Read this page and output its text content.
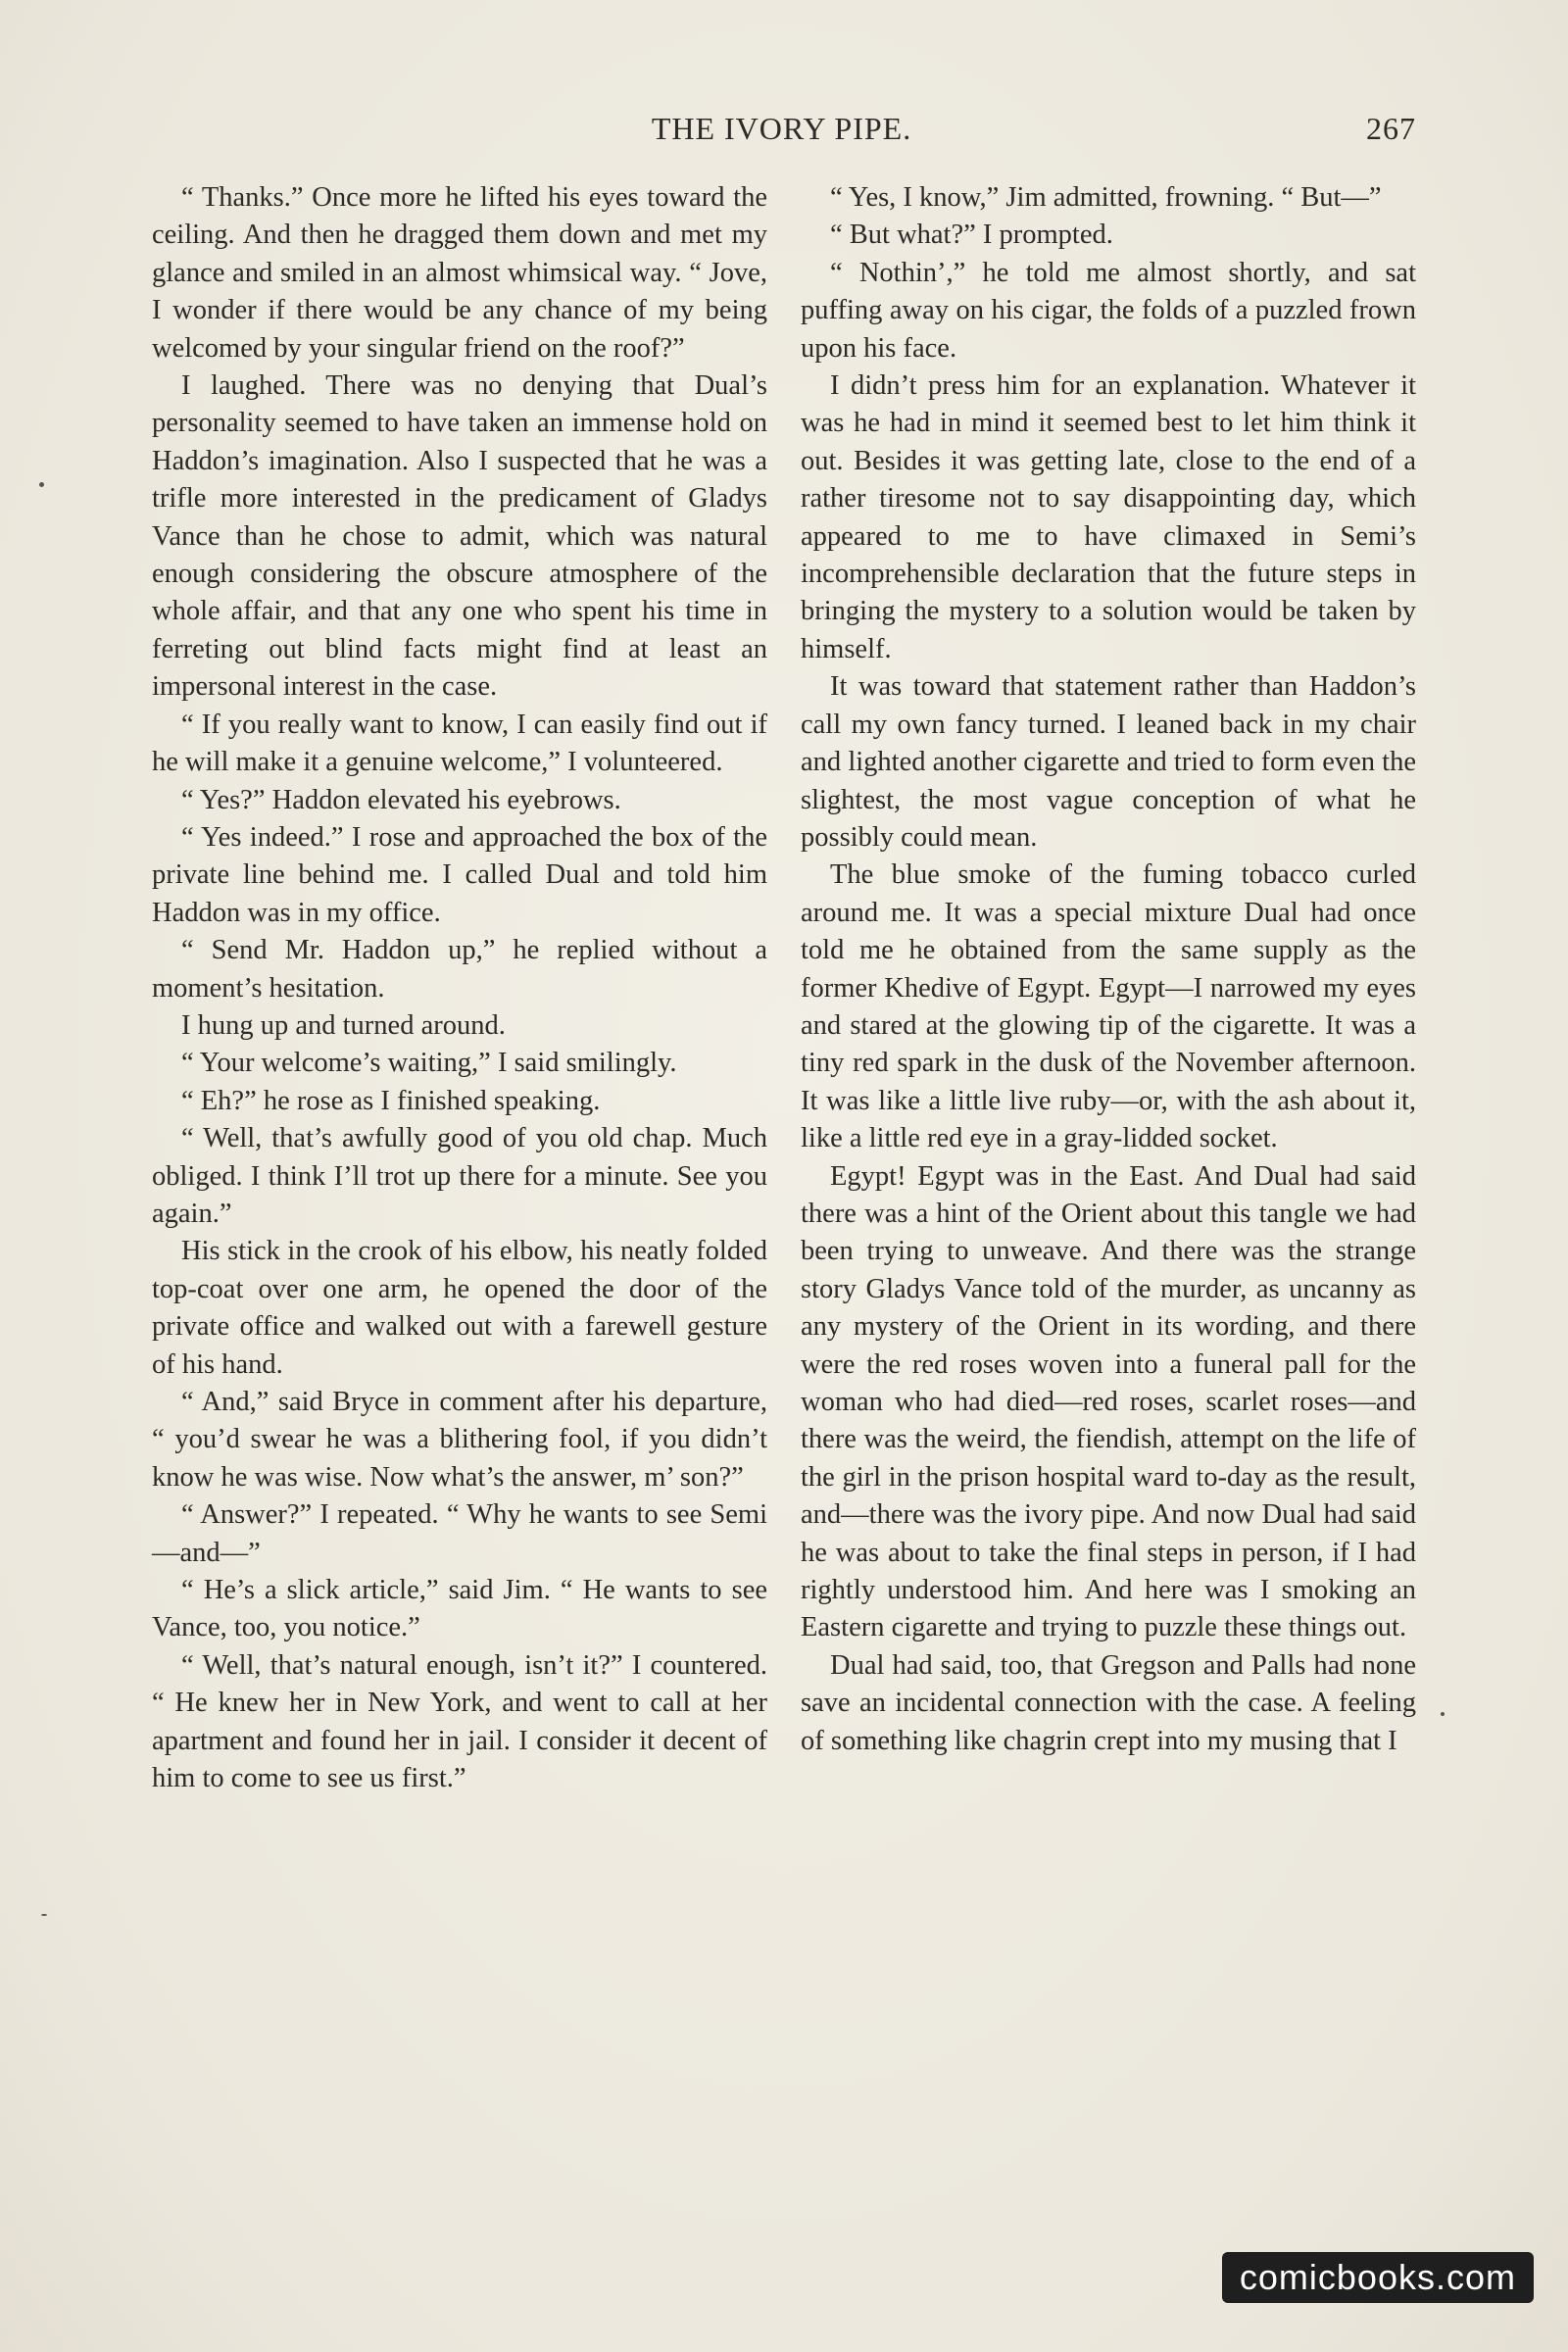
THE IVORY PIPE.	267

“ Thanks.” Once more he lifted his eyes toward the ceiling. And then he dragged them down and met my glance and smiled in an almost whimsical way. “ Jove, I wonder if there would be any chance of my being welcomed by your singular friend on the roof?”

I laughed. There was no denying that Dual’s personality seemed to have taken an immense hold on Haddon’s imagination. Also I suspected that he was a trifle more interested in the predicament of Gladys Vance than he chose to admit, which was natural enough considering the obscure atmosphere of the whole affair, and that any one who spent his time in ferreting out blind facts might find at least an impersonal interest in the case.

“ If you really want to know, I can easily find out if he will make it a genuine welcome,” I volunteered.

“ Yes?” Haddon elevated his eyebrows.

“ Yes indeed.” I rose and approached the box of the private line behind me. I called Dual and told him Haddon was in my office.

“ Send Mr. Haddon up,” he replied without a moment’s hesitation.

I hung up and turned around.

“ Your welcome’s waiting,” I said smilingly.

“ Eh?” he rose as I finished speaking.

“ Well, that’s awfully good of you old chap. Much obliged. I think I’ll trot up there for a minute. See you again.”

His stick in the crook of his elbow, his neatly folded top-coat over one arm, he opened the door of the private office and walked out with a farewell gesture of his hand.

“ And,” said Bryce in comment after his departure, “ you’d swear he was a blithering fool, if you didn’t know he was wise. Now what’s the answer, m’ son?”

“ Answer?” I repeated. “ Why he wants to see Semi—and—”

“ He’s a slick article,” said Jim. “ He wants to see Vance, too, you notice.”

“ Well, that’s natural enough, isn’t it?” I countered. “ He knew her in New York, and went to call at her apartment and found her in jail. I consider it decent of him to come to see us first.”

“ Yes, I know,” Jim admitted, frowning. “ But—”

“ But what?” I prompted.

“ Nothin’,” he told me almost shortly, and sat puffing away on his cigar, the folds of a puzzled frown upon his face.

I didn’t press him for an explanation. Whatever it was he had in mind it seemed best to let him think it out. Besides it was getting late, close to the end of a rather tiresome not to say disappointing day, which appeared to me to have climaxed in Semi’s incomprehensible declaration that the future steps in bringing the mystery to a solution would be taken by himself.

It was toward that statement rather than Haddon’s call my own fancy turned. I leaned back in my chair and lighted another cigarette and tried to form even the slightest, the most vague conception of what he possibly could mean.

The blue smoke of the fuming tobacco curled around me. It was a special mixture Dual had once told me he obtained from the same supply as the former Khedive of Egypt. Egypt—I narrowed my eyes and stared at the glowing tip of the cigarette. It was a tiny red spark in the dusk of the November afternoon. It was like a little live ruby—or, with the ash about it, like a little red eye in a gray-lidded socket.

Egypt! Egypt was in the East. And Dual had said there was a hint of the Orient about this tangle we had been trying to unweave. And there was the strange story Gladys Vance told of the murder, as uncanny as any mystery of the Orient in its wording, and there were the red roses woven into a funeral pall for the woman who had died—red roses, scarlet roses—and there was the weird, the fiendish, attempt on the life of the girl in the prison hospital ward to-day as the result, and—there was the ivory pipe. And now Dual had said he was about to take the final steps in person, if I had rightly understood him. And here was I smoking an Eastern cigarette and trying to puzzle these things out.

Dual had said, too, that Gregson and Palls had none save an incidental connection with the case. A feeling of something like chagrin crept into my musing that I

comicbooks.com
